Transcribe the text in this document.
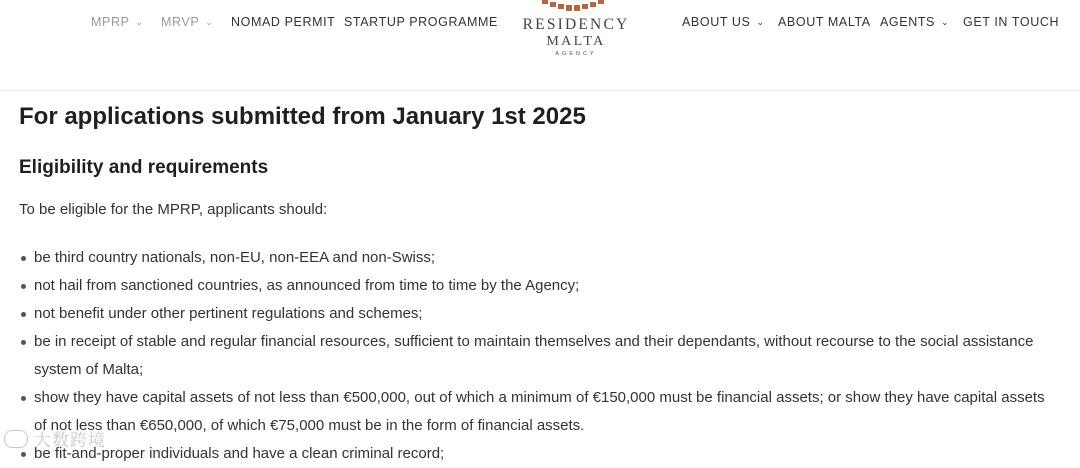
MPRP ⌄ MRVP ⌄ NOMAD PERMIT STARTUP PROGRAMME RESIDENCY
MALTA
AGENCY
ABOUT US ⌄ ABOUT MALTA AGENTS ⌄ GET IN TOUCH
For applications submitted from January 1st 2025
Eligibility and requirements
To be eligible for the MPRP, applicants should:
be third country nationals, non-EU, non-EEA and non-Swiss;
not hail from sanctioned countries, as announced from time to time by the Agency;
not benefit under other pertinent regulations and schemes;
be in receipt of stable and regular financial resources, sufficient to maintain themselves and their dependants, without recourse to the social assistance system of Malta;
show they have capital assets of not less than €500,000, out of which a minimum of €150,000 must be financial assets; or show they have capital assets of not less than €650,000, of which €75,000 must be in the form of financial assets.
be fit-and-proper individuals and have a clean criminal record;
大数跨境
